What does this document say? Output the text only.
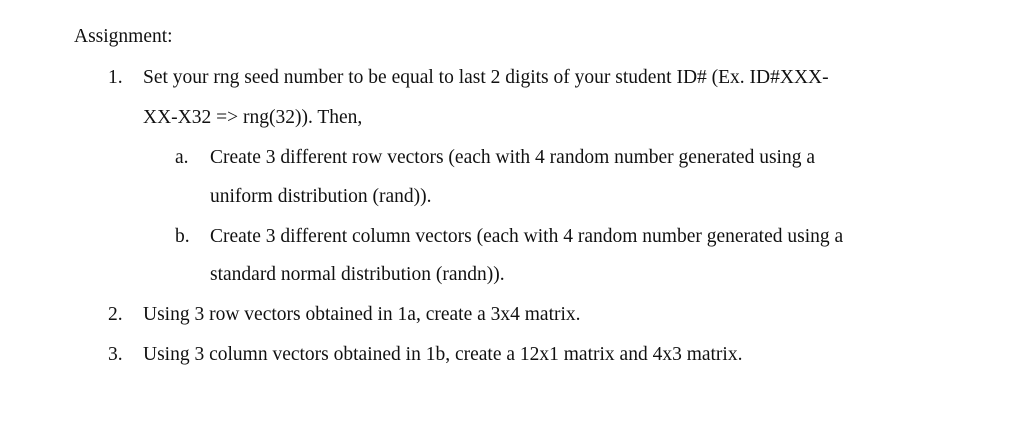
Assignment:
1. Set your rng seed number to be equal to last 2 digits of your student ID# (Ex. ID#XXX-
XX-X32 => rng(32)). Then,
a. Create 3 different row vectors (each with 4 random number generated using a
uniform distribution (rand)).
b. Create 3 different column vectors (each with 4 random number generated using a
standard normal distribution (randn)).
2. Using 3 row vectors obtained in 1a, create a 3x4 matrix.
3. Using 3 column vectors obtained in 1b, create a 12x1 matrix and 4x3 matrix.
